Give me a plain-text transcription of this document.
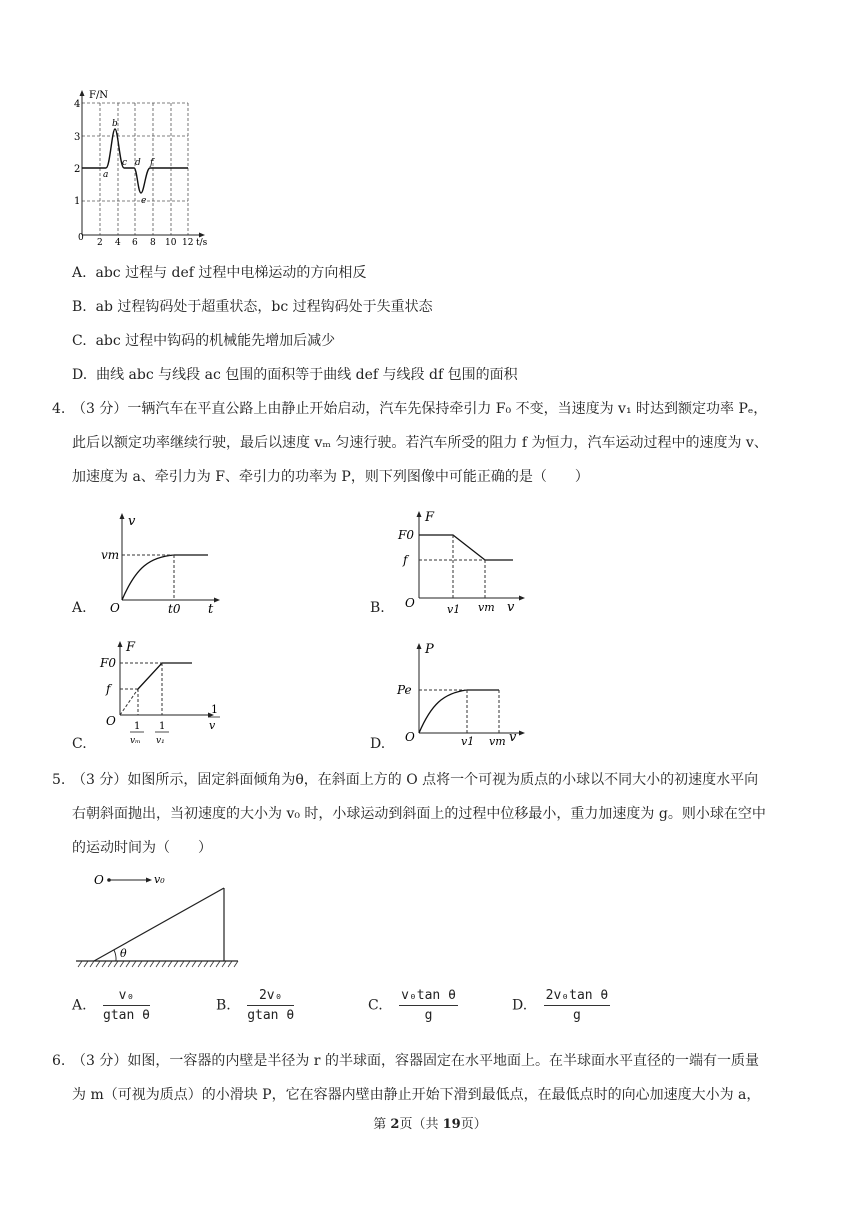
F/N
t/s
1
2
3
4
0 2 4 6 8 10 12
a
b
c d
e
f
A. abc 过程与 def 过程中电梯运动的方向相反
B. ab 过程钩码处于超重状态，bc 过程钩码处于失重状态
C. abc 过程中钩码的机械能先增加后减少
D. 曲线 abc 与线段 ac 包围的面积等于曲线 def 与线段 df 包围的面积
4. （3 分）一辆汽车在平直公路上由静止开始启动，汽车先保持牵引力 F₀ 不变，当速度为 v₁ 时达到额定功率 Pₑ，
此后以额定功率继续行驶，最后以速度 vₘ 匀速行驶。若汽车所受的阻力 f 为恒力，汽车运动过程中的速度为 v、
加速度为 a、牵引力为 F、牵引力的功率为 P，则下列图像中可能正确的是（　　）
A.
v
vm
O	t0 t	B.
F
F0
f
O	v1 vm v
C.
F
F0
f
O 1
vₘ
1
v₁
1
v
D.
P
Pe
O	v1 vm v
5. （3 分）如图所示，固定斜面倾角为θ，在斜面上方的 O 点将一个可视为质点的小球以不同大小的初速度水平向
右朝斜面抛出，当初速度的大小为 v₀ 时，小球运动到斜面上的过程中位移最小，重力加速度为 g。则小球在空中
的运动时间为（　　）
O	v₀
θ
A. $\frac{\text{v₀}}{\text{gtan θ}}$	B. $\frac{\text{2v₀}}{\text{gtan θ}}$	C. $\frac{\text{v₀tan θ}}{g}$	D. $\frac{\text{2v₀tan θ}}{g}$
6. （3 分）如图，一容器的内壁是半径为 r 的半球面，容器固定在水平地面上。在半球面水平直径的一端有一质量
为 m（可视为质点）的小滑块 P，它在容器内壁由静止开始下滑到最低点，在最低点时的向心加速度大小为 a，
第 2页（共 19页）
